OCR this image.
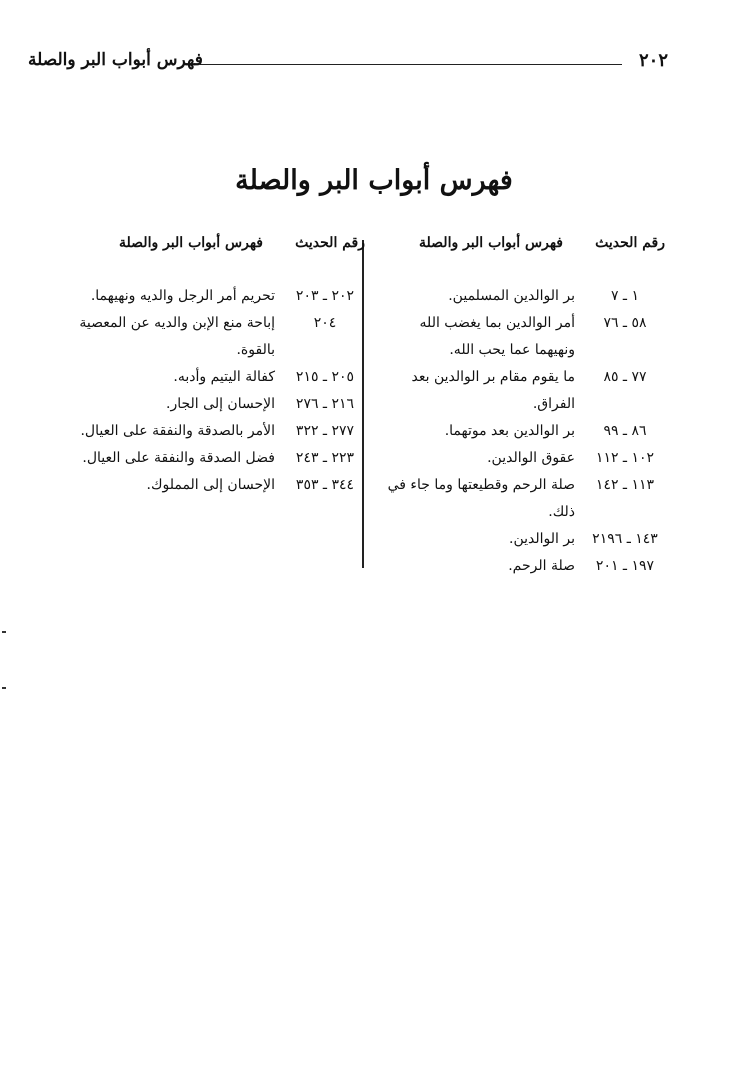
٢٠٢
فهرس أبواب البر والصلة
فهرس أبواب البر والصلة
رقم الحديث
فهرس أبواب البر والصلة
١ ـ ٧
بر الوالدين المسلمين.
٥٨ ـ ٧٦
أمر الوالدين بما يغضب الله ونهيهما عما يحب الله.
٧٧ ـ ٨٥
ما يقوم مقام بر الوالدين بعد الفراق.
٨٦ ـ ٩٩
بر الوالدين بعد موتهما.
١٠٢ ـ ١١٢
عقوق الوالدين.
١١٣ ـ ١٤٢
صلة الرحم وقطيعتها وما جاء في ذلك.
١٤٣ ـ ٢١٩٦
بر الوالدين.
١٩٧ ـ ٢٠١
صلة الرحم.
رقم الحديث
فهرس أبواب البر والصلة
٢٠٢ ـ ٢٠٣
تحريم أمر الرجل والديه ونهيهما.
٢٠٤
إباحة منع الإبن والديه عن المعصية بالقوة.
٢٠٥ ـ ٢١٥
كفالة اليتيم وأدبه.
٢١٦ ـ ٢٧٦
الإحسان إلى الجار.
٢٧٧ ـ ٣٢٢
الأمر بالصدقة والنفقة على العيال.
٢٢٣ ـ ٢٤٣
فضل الصدقة والنفقة على العيال.
٣٤٤ ـ ٣٥٣
الإحسان إلى المملوك.
